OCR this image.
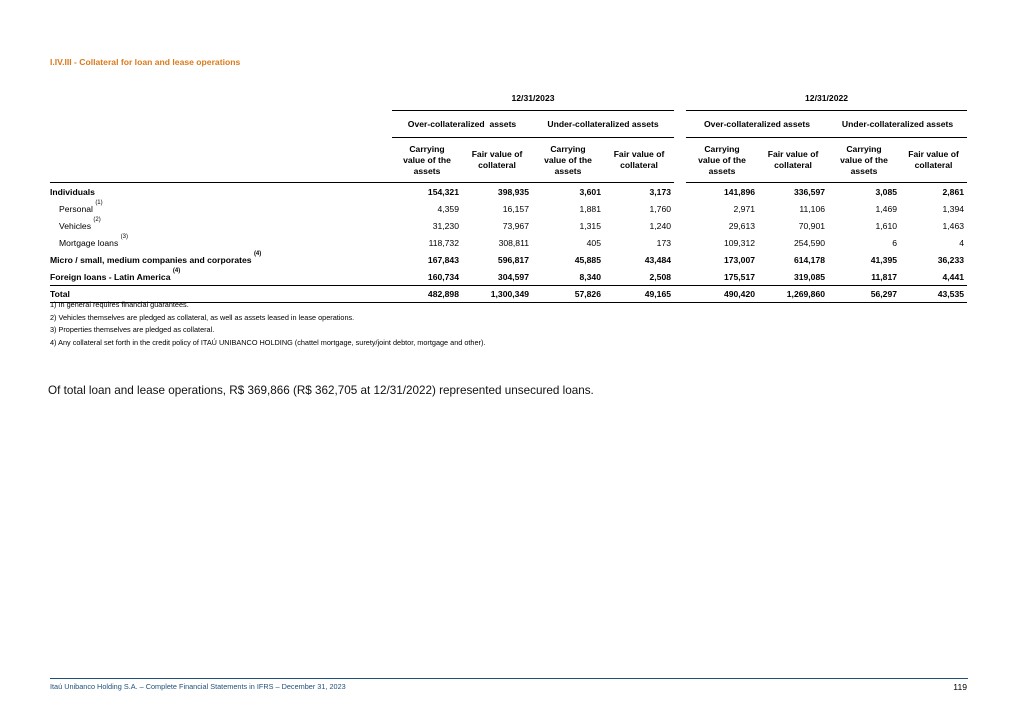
I.IV.III - Collateral for loan and lease operations
	12/31/2023					12/31/2022			
	Over-collateralized  assets		Under-collateralized assets			Over-collateralized assets		Under-collateralized assets	
	Carrying
value of the
assets	Fair value of
collateral	Carrying
value of the
assets	Fair value of
collateral		Carrying
value of the
assets	Fair value of
collateral	Carrying
value of the
assets	Fair value of
collateral
Individuals	154,321	398,935	3,601	3,173		141,896	336,597	3,085	2,861
Personal $^{(1)}$	4,359	16,157	1,881	1,760		2,971	11,106	1,469	1,394
Vehicles $^{(2)}$	31,230	73,967	1,315	1,240		29,613	70,901	1,610	1,463
Mortgage loans $^{(3)}$	118,732	308,811	405	173		109,312	254,590	6	4
Micro / small, medium companies and corporates $^{(4)}$	167,843	596,817	45,885	43,484		173,007	614,178	41,395	36,233
Foreign loans - Latin America $^{(4)}$	160,734	304,597	8,340	2,508		175,517	319,085	11,817	4,441
Total	482,898	1,300,349	57,826	49,165		490,420	1,269,860	56,297	43,535
1) In general requires financial guarantees.
2) Vehicles themselves are pledged as collateral, as well as assets leased in lease operations.
3) Properties themselves are pledged as collateral.
4) Any collateral set forth in the credit policy of ITAÚ UNIBANCO HOLDING (chattel mortgage, surety/joint debtor, mortgage and other).
Of total loan and lease operations, R$ 369,866 (R$ 362,705 at 12/31/2022) represented unsecured loans.
Itaú Unibanco Holding S.A. – Complete Financial Statements in IFRS – December 31, 2023	119
